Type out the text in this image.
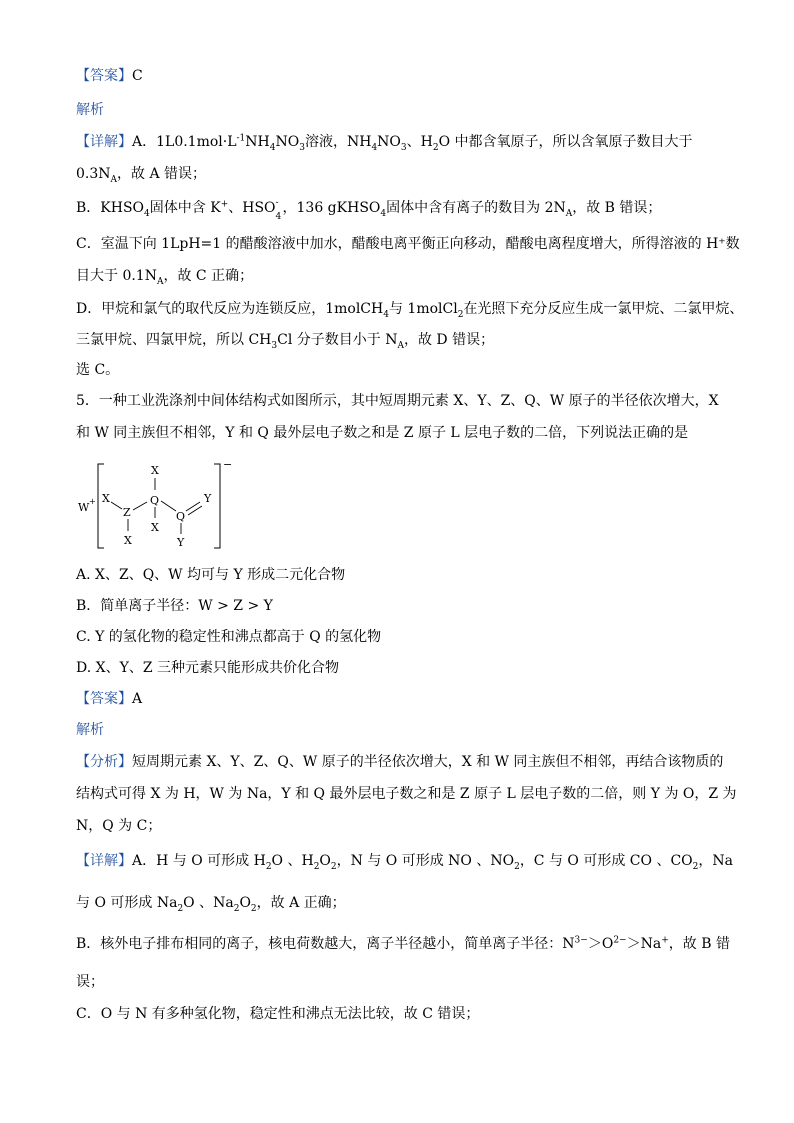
【答案】C
解析
【详解】A．$1L0.1mol\cdot L^{-1}NH_4NO_3$溶液，$NH_4NO_3$、$H_2O$ 中都含氧原子，所以含氧原子数目大于
$0.3N_A$，故 A 错误；
B．$KHSO_4$固体中含 K+、HSO -
4
，136 gKHSO$_4$固体中含有离子的数目为 $2N_A$，故 B 错误；
C．室温下向 1LpH=1 的醋酸溶液中加水，醋酸电离平衡正向移动，醋酸电离程度增大，所得溶液的 H⁺数
目大于 $0.1N_A$，故 C 正确；
D．甲烷和氯气的取代反应为连锁反应，1molCH$_4$与 1molCl$_2$在光照下充分反应生成一氯甲烷、二氯甲烷、
三氯甲烷、四氯甲烷，所以 $CH_3Cl$ 分子数目小于 $N_A$，故 D 错误；
选 C。
5．一种工业洗涤剂中间体结构式如图所示，其中短周期元素 X、Y、Z、Q、W 原子的半径依次增大，X
和 W 同主族但不相邻，Y 和 Q 最外层电子数之和是 Z 原子 L 层电子数的二倍，下列说法正确的是
W +
−
X
Z
X
X
Q
X
Q
Y
Y
A. X、Z、Q、W 均可与 Y 形成二元化合物
B．简单离子半径：W > Z > Y
C. Y 的氢化物的稳定性和沸点都高于 Q 的氢化物
D. X、Y、Z 三种元素只能形成共价化合物
【答案】A
解析
【分析】短周期元素 X、Y、Z、Q、W 原子的半径依次增大，X 和 W 同主族但不相邻，再结合该物质的
结构式可得 X 为 H，W 为 Na，Y 和 Q 最外层电子数之和是 Z 原子 L 层电子数的二倍，则 Y 为 O，Z 为
N，Q 为 C；
【详解】A．H 与 O 可形成 $H_2O$ 、$H_2O_2$，N 与 O 可形成 NO 、$NO_2$，C 与 O 可形成 CO 、$CO_2$，Na
与 O 可形成 $Na_2O$ 、$Na_2O_2$，故 A 正确；
B．核外电子排布相同的离子，核电荷数越大，离子半径越小，简单离子半径：$N^{3-}>O^{2-}>Na^+$，故 B 错
误；
C．O 与 N 有多种氢化物，稳定性和沸点无法比较，故 C 错误；
